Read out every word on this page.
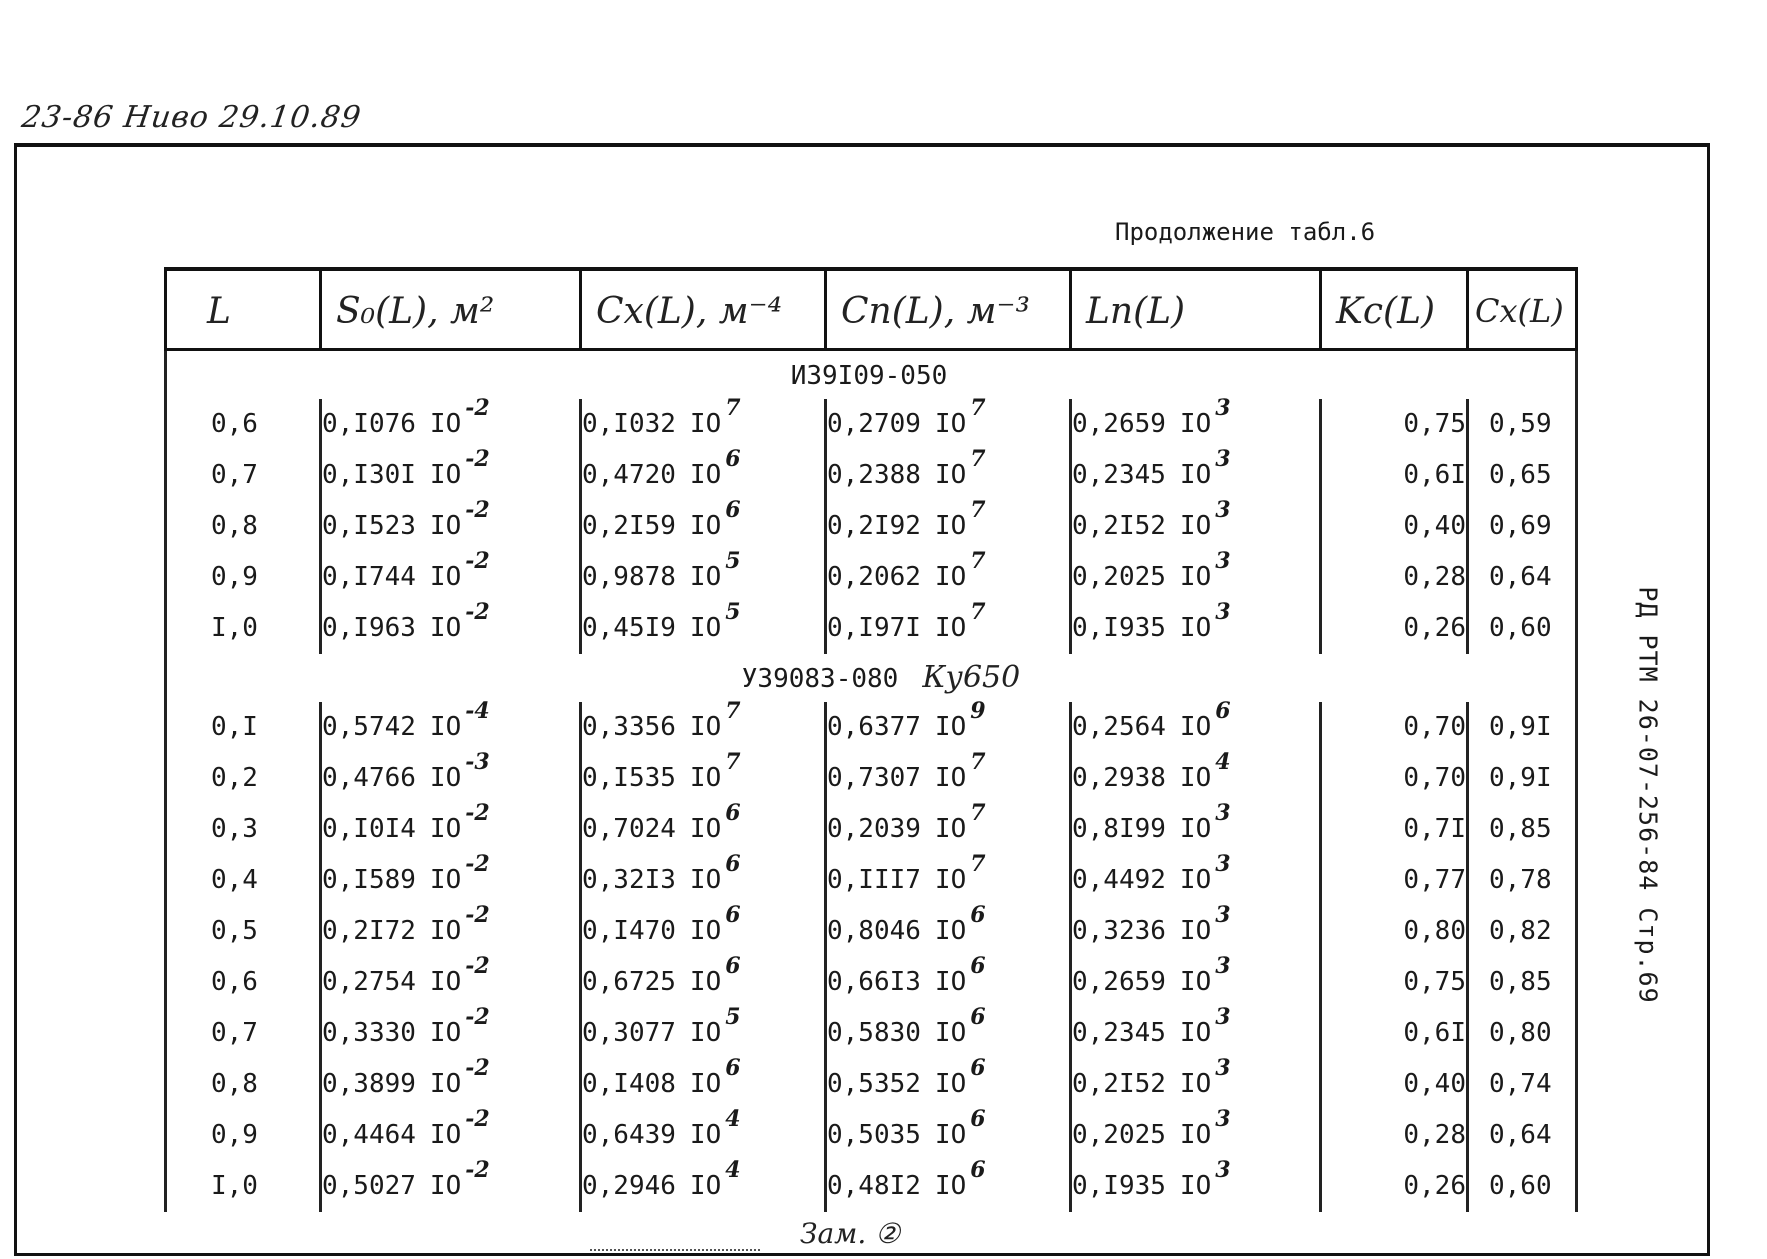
23-86 Ниво 29.10.89
Продолжение табл.6
L	S₀(L), м²	Cx(L), м⁻⁴	Cп(L), м⁻³	Lп(L)	Kc(L)	Cx(L)
ИЗ9I09-050						
0,6	0,I076 $IO^{-2}$	0,I032 $IO^7$	0,2709 $IO^7$	0,2659 $IO^3$	0,75	0,59
0,7	0,I30I $IO^{-2}$	0,4720 $IO^6$	0,2388 $IO^7$	0,2345 $IO^3$	0,6I	0,65
0,8	0,I523 $IO^{-2}$	0,2I59 $IO^6$	0,2I92 $IO^7$	0,2I52 $IO^3$	0,40	0,69
0,9	0,I744 $IO^{-2}$	0,9878 $IO^5$	0,2062 $IO^7$	0,2025 $IO^3$	0,28	0,64
I,0	0,I963 $IO^{-2}$	0,45I9 $IO^5$	0,I97I $IO^7$	0,I935 $IO^3$	0,26	0,60
У39083-080 Ку650						
0,I	0,5742 $IO^{-4}$	0,3356 $IO^7$	0,6377 $IO^9$	0,2564 $IO^6$	0,70	0,9I
0,2	0,4766 $IO^{-3}$	0,I535 $IO^7$	0,7307 $IO^7$	0,2938 $IO^4$	0,70	0,9I
0,3	0,I0I4 $IO^{-2}$	0,7024 $IO^6$	0,2039 $IO^7$	0,8I99 $IO^3$	0,7I	0,85
0,4	0,I589 $IO^{-2}$	0,32I3 $IO^6$	0,III7 $IO^7$	0,4492 $IO^3$	0,77	0,78
0,5	0,2I72 $IO^{-2}$	0,I470 $IO^6$	0,8046 $IO^6$	0,3236 $IO^3$	0,80	0,82
0,6	0,2754 $IO^{-2}$	0,6725 $IO^6$	0,66I3 $IO^6$	0,2659 $IO^3$	0,75	0,85
0,7	0,3330 $IO^{-2}$	0,3077 $IO^5$	0,5830 $IO^6$	0,2345 $IO^3$	0,6I	0,80
0,8	0,3899 $IO^{-2}$	0,I408 $IO^6$	0,5352 $IO^6$	0,2I52 $IO^3$	0,40	0,74
0,9	0,4464 $IO^{-2}$	0,6439 $IO^4$	0,5035 $IO^6$	0,2025 $IO^3$	0,28	0,64
I,0	0,5027 $IO^{-2}$	0,2946 $IO^4$	0,48I2 $IO^6$	0,I935 $IO^3$	0,26	0,60
РД РТМ 26-07-256-84 Стр.69
Зам. ②
